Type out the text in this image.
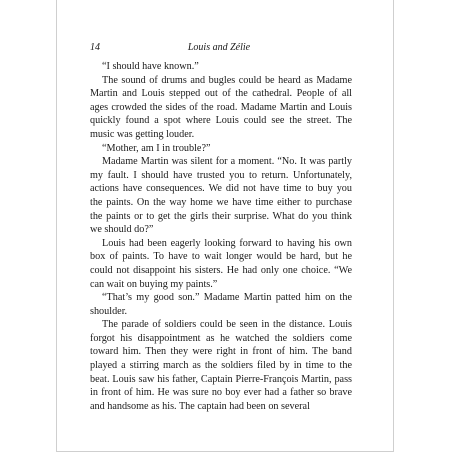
14	Louis and Zélie

“I should have known.”

The sound of drums and bugles could be heard as Madame Martin and Louis stepped out of the cathedral. People of all ages crowded the sides of the road. Madame Martin and Louis quickly found a spot where Louis could see the street. The music was getting louder.

“Mother, am I in trouble?”

Madame Martin was silent for a moment. “No. It was partly my fault. I should have trusted you to return. Unfortunately, actions have consequences. We did not have time to buy you the paints. On the way home we have time either to purchase the paints or to get the girls their surprise. What do you think we should do?”

Louis had been eagerly looking forward to having his own box of paints. To have to wait longer would be hard, but he could not disappoint his sisters. He had only one choice. “We can wait on buying my paints.”

“That’s my good son.” Madame Martin patted him on the shoulder.

The parade of soldiers could be seen in the distance. Louis forgot his disappointment as he watched the soldiers come toward him. Then they were right in front of him. The band played a stirring march as the soldiers filed by in time to the beat. Louis saw his father, Captain Pierre-François Martin, pass in front of him. He was sure no boy ever had a father so brave and handsome as his. The captain had been on several
